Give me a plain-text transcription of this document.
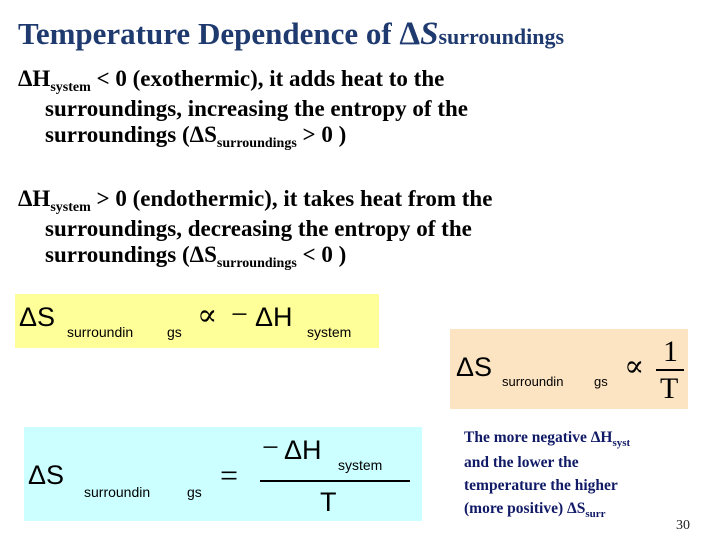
Temperature Dependence of ΔSsurroundings
$\Delta H_{system} < 0$ (exothermic), it adds heat to the
surroundings, increasing the entropy of the
surroundings ($\Delta S_{surroundings} > 0$ )
$\Delta H_{system} > 0$ (endothermic), it takes heat from the
surroundings, decreasing the entropy of the
surroundings ($\Delta S_{surroundings} < 0$ )
ΔS surroundin gs ∝ − ΔH system
ΔS surroundin gs ∝ 1
T
ΔS
surroundin	gs =
− ΔH system
T
The more negative $\Delta H_{syst}$
and the lower the
temperature the higher
(more positive) $\Delta S_{surr}$
30
